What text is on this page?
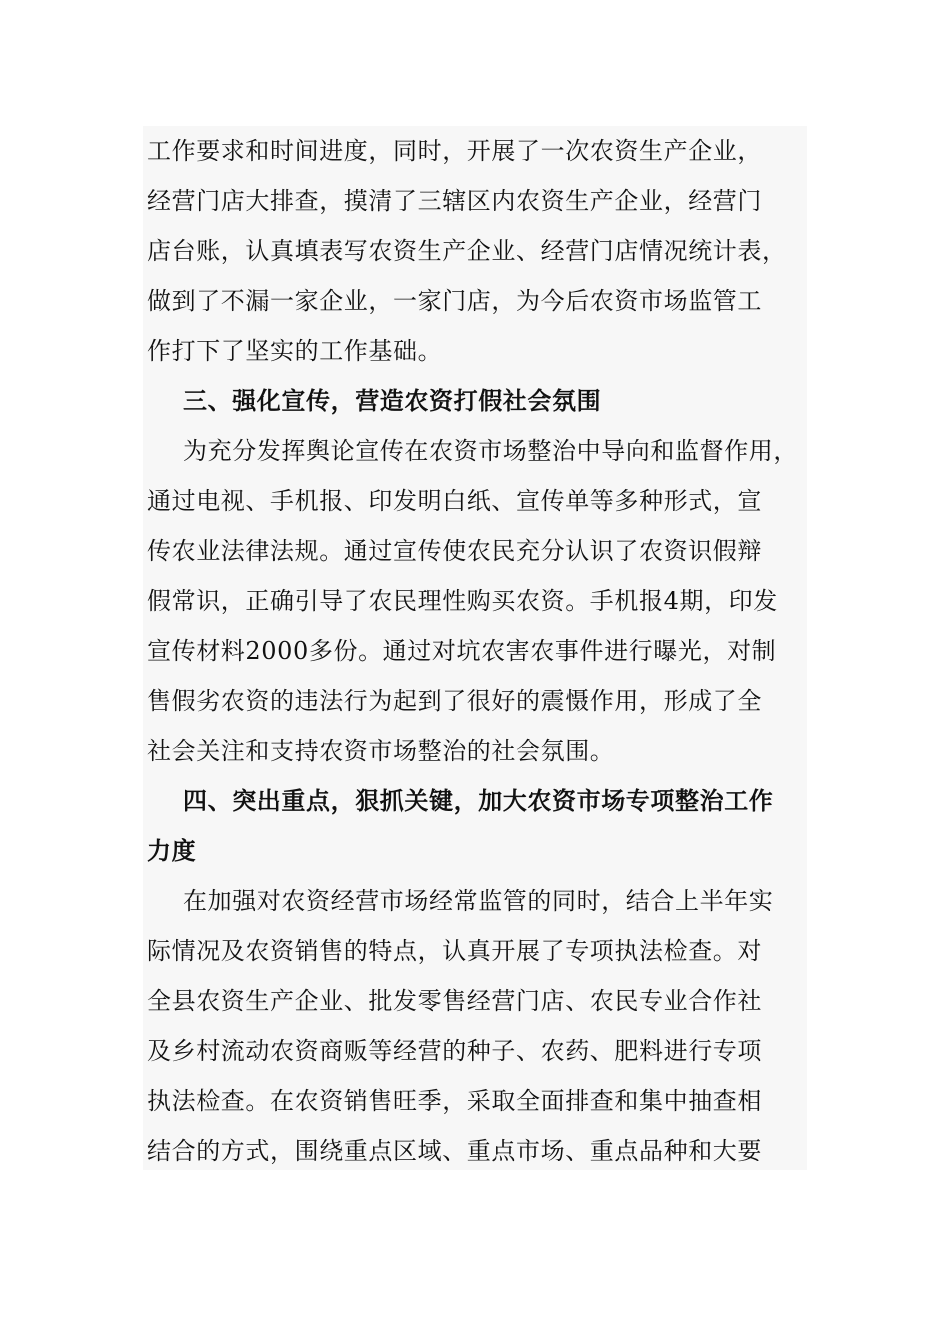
工作要求和时间进度，同时，开展了一次农资生产企业，
经营门店大排查，摸清了三辖区内农资生产企业，经营门
店台账，认真填表写农资生产企业、经营门店情况统计表，
做到了不漏一家企业，一家门店，为今后农资市场监管工
作打下了坚实的工作基础。
三、强化宣传，营造农资打假社会氛围
为充分发挥舆论宣传在农资市场整治中导向和监督作用，
通过电视、手机报、印发明白纸、宣传单等多种形式，宣
传农业法律法规。通过宣传使农民充分认识了农资识假辩
假常识，正确引导了农民理性购买农资。手机报4期，印发
宣传材料2000多份。通过对坑农害农事件进行曝光，对制
售假劣农资的违法行为起到了很好的震慑作用，形成了全
社会关注和支持农资市场整治的社会氛围。
四、突出重点，狠抓关键，加大农资市场专项整治工作
力度
在加强对农资经营市场经常监管的同时，结合上半年实
际情况及农资销售的特点，认真开展了专项执法检查。对
全县农资生产企业、批发零售经营门店、农民专业合作社
及乡村流动农资商贩等经营的种子、农药、肥料进行专项
执法检查。在农资销售旺季，采取全面排查和集中抽查相
结合的方式，围绕重点区域、重点市场、重点品种和大要
